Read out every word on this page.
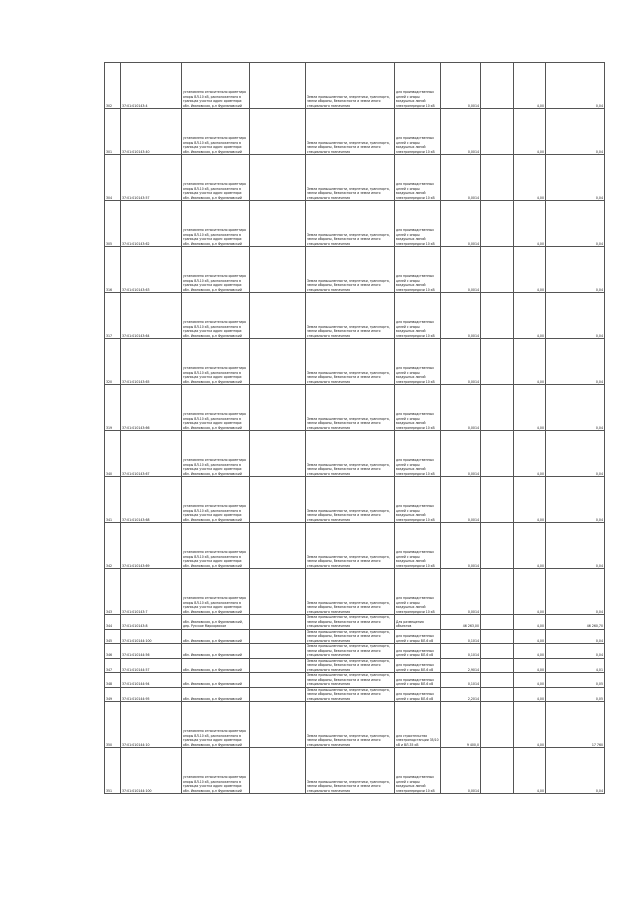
302	37:01:010143:4	установлено относительно ориентира опоры ВЛ-10 кВ, расположенного в границах участка адрес ориентира: обл. Ивановская, р-н Фурмановский		Земли промышленности, энергетики, транспорта, земли обороны, безопасности и земли иного специального назначения	для производственных целей с опоры воздушных линий электропередачи 10 кВ	0,0014		4,00	0,04
301	37:01:010143:40	установлено относительно ориентира опоры ВЛ-10 кВ, расположенного в границах участка адрес ориентира: обл. Ивановская, р-н Фурмановский		Земли промышленности, энергетики, транспорта, земли обороны, безопасности и земли иного специального назначения	для производственных целей с опоры воздушных линий электропередачи 10 кВ	0,0014		4,00	0,04
304	37:01:010143:57	установлено относительно ориентира опоры ВЛ-10 кВ, расположенного в границах участка адрес ориентира: обл. Ивановская, р-н Фурмановский		Земли промышленности, энергетики, транспорта, земли обороны, безопасности и земли иного специального назначения	для производственных целей с опоры воздушных линий электропередачи 10 кВ	0,0014		4,00	0,04
305	37:01:010143:62	установлено относительно ориентира опоры ВЛ-10 кВ, расположенного в границах участка адрес ориентира: обл. Ивановская, р-н Фурмановский		Земли промышленности, энергетики, транспорта, земли обороны, безопасности и земли иного специального назначения	для производственных целей с опоры воздушных линий электропередачи 10 кВ	0,0014		4,00	0,04
316	37:01:010143:63	установлено относительно ориентира опоры ВЛ-10 кВ, расположенного в границах участка адрес ориентира: обл. Ивановская, р-н Фурмановский		Земли промышленности, энергетики, транспорта, земли обороны, безопасности и земли иного специального назначения	для производственных целей с опоры воздушных линий электропередачи 10 кВ	0,0014		4,00	0,04
317	37:01:010143:64	установлено относительно ориентира опоры ВЛ-10 кВ, расположенного в границах участка адрес ориентира: обл. Ивановская, р-н Фурмановский		Земли промышленности, энергетики, транспорта, земли обороны, безопасности и земли иного специального назначения	для производственных целей с опоры воздушных линий электропередачи 10 кВ	0,0014		4,00	0,04
320	37:01:010143:65	установлено относительно ориентира опоры ВЛ-10 кВ, расположенного в границах участка адрес ориентира: обл. Ивановская, р-н Фурмановский		Земли промышленности, энергетики, транспорта, земли обороны, безопасности и земли иного специального назначения	для производственных целей с опоры воздушных линий электропередачи 10 кВ	0,0014		4,00	0,04
319	37:01:010143:66	установлено относительно ориентира опоры ВЛ-10 кВ, расположенного в границах участка адрес ориентира: обл. Ивановская, р-н Фурмановский		Земли промышленности, энергетики, транспорта, земли обороны, безопасности и земли иного специального назначения	для производственных целей с опоры воздушных линий электропередачи 10 кВ	0,0014		4,00	0,04
340	37:01:010143:67	установлено относительно ориентира опоры ВЛ-10 кВ, расположенного в границах участка адрес ориентира: обл. Ивановская, р-н Фурмановский		Земли промышленности, энергетики, транспорта, земли обороны, безопасности и земли иного специального назначения	для производственных целей с опоры воздушных линий электропередачи 10 кВ	0,0014		4,00	0,04
341	37:01:010143:68	установлено относительно ориентира опоры ВЛ-10 кВ, расположенного в границах участка адрес ориентира: обл. Ивановская, р-н Фурмановский		Земли промышленности, энергетики, транспорта, земли обороны, безопасности и земли иного специального назначения	для производственных целей с опоры воздушных линий электропередачи 10 кВ	0,0014		4,00	0,04
342	37:01:010143:69	установлено относительно ориентира опоры ВЛ-10 кВ, расположенного в границах участка адрес ориентира: обл. Ивановская, р-н Фурмановский		Земли промышленности, энергетики, транспорта, земли обороны, безопасности и земли иного специального назначения	для производственных целей с опоры воздушных линий электропередачи 10 кВ	0,0014		4,00	0,04
343	37:01:010143:7	установлено относительно ориентира опоры ВЛ-10 кВ, расположенного в границах участка адрес ориентира: обл. Ивановская, р-н Фурмановский		Земли промышленности, энергетики, транспорта, земли обороны, безопасности и земли иного специального назначения	для производственных целей с опоры воздушных линий электропередачи 10 кВ	0,0014		4,00	0,04
344	37:01:010143:8	обл. Ивановская, р-н Фурмановский, дер. Русское Маркорвское		Земли промышленности, энергетики, транспорта, земли обороны, безопасности и земли иного специального назначения	Для размещения объектов	46 263,00		4,00	46 260,70
345	37:01:010144:100	обл. Ивановская, р-н Фурмановский		Земли промышленности, энергетики, транспорта, земли обороны, безопасности и земли иного специального назначения	для производственных целей с опоры ВЛ-6 кВ	0,1014		4,00	0,04
346	37:01:010144:56	обл. Ивановская, р-н Фурмановский		Земли промышленности, энергетики, транспорта, земли обороны, безопасности и земли иного специального назначения	для производственных целей с опоры ВЛ-6 кВ	0,1014		4,00	0,04
347	37:01:010144:57	обл. Ивановская, р-н Фурмановский		Земли промышленности, энергетики, транспорта, земли обороны, безопасности и земли иного специального назначения	для производственных целей с опоры ВЛ-6 кВ	2,9014		4,00	4,01
348	37:01:010144:94	обл. Ивановская, р-н Фурмановский		Земли промышленности, энергетики, транспорта, земли обороны, безопасности и земли иного специального назначения	для производственных целей с опоры ВЛ-6 кВ	0,1014		4,00	0,05
349	37:01:010144:95	обл. Ивановская, р-н Фурмановский		Земли промышленности, энергетики, транспорта, земли обороны, безопасности и земли иного специального назначения	для производственных целей с опоры ВЛ-6 кВ	2,2014		4,00	0,05
350	37:01:010144:10	установлено относительно ориентира опоры ВЛ-10 кВ, расположенного в границах участка адрес ориентира: обл. Ивановская, р-н Фурмановский		Земли промышленности, энергетики, транспорта, земли обороны, безопасности и земли иного специального назначения	для строительства электроподстанции 35/10 кВ и ВЛ-35 кВ	9 400,0		4,00	17 760
351	37:01:010144:100	установлено относительно ориентира опоры ВЛ-10 кВ, расположенного в границах участка адрес ориентира: обл. Ивановская, р-н Фурмановский		Земли промышленности, энергетики, транспорта, земли обороны, безопасности и земли иного специального назначения	для производственных целей с опоры воздушных линий электропередачи 10 кВ	0,0014		4,00	0,04
